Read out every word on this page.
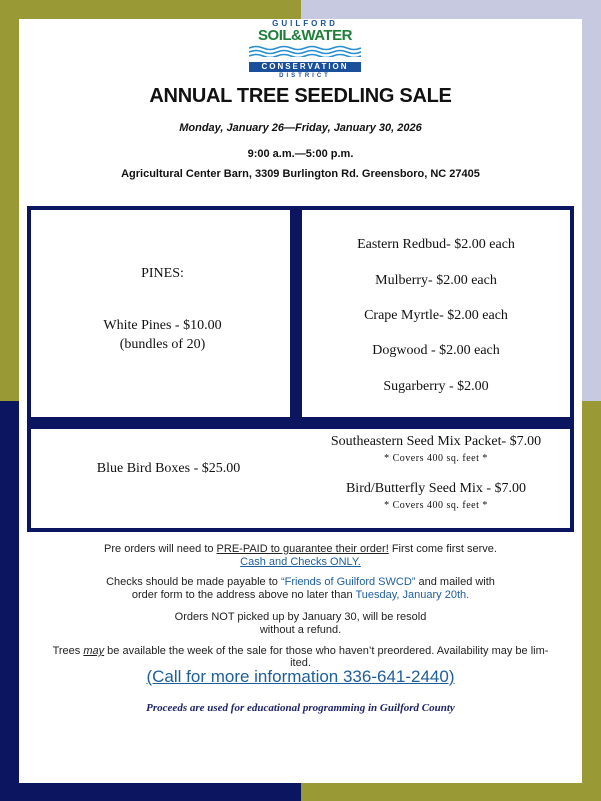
GUILFORD
SOIL&WATER
CONSERVATION
DISTRICT
ANNUAL TREE SEEDLING SALE
Monday, January 26—Friday, January 30, 2026
9:00 a.m.—5:00 p.m.
Agricultural Center Barn, 3309 Burlington Rd. Greensboro, NC 27405
PINES:
White Pines - $10.00
(bundles of 20)
Eastern Redbud- $2.00 each
Mulberry- $2.00 each
Crape Myrtle- $2.00 each
Dogwood - $2.00 each
Sugarberry - $2.00
Blue Bird Boxes - $25.00
Southeastern Seed Mix Packet- $7.00
* Covers 400 sq. feet *
Bird/Butterfly Seed Mix - $7.00
* Covers 400 sq. feet *
Pre orders will need to PRE-PAID to guarantee their order! First come first serve.
Cash and Checks ONLY.
Checks should be made payable to “Friends of Guilford SWCD” and mailed with
order form to the address above no later than Tuesday, January 20th.
Orders NOT picked up by January 30, will be resold
without a refund.
Trees may be available the week of the sale for those who haven’t preordered. Availability may be lim-
ited.
(Call for more information 336-641-2440)
Proceeds are used for educational programming in Guilford County
